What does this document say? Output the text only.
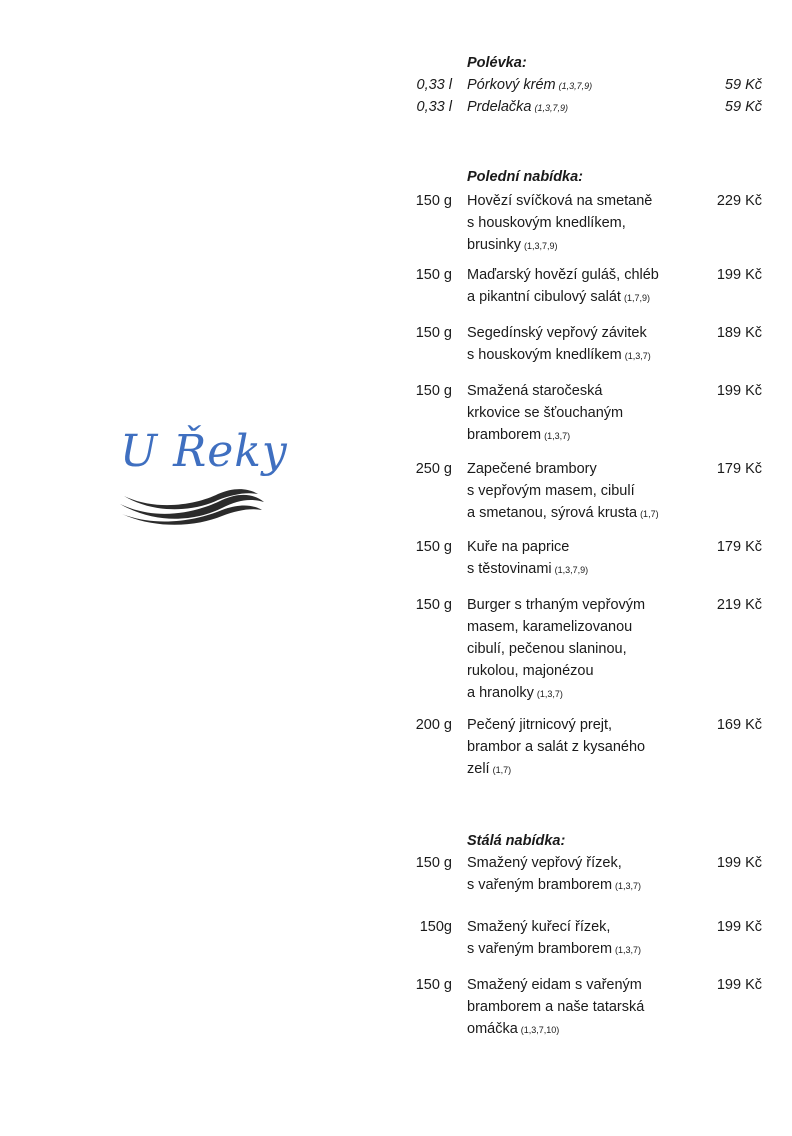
U Řeky
Polévka:
0,33 l Pórkový krém (1,3,7,9)	59 Kč
0,33 l Prdelačka (1,3,7,9)	59 Kč
Polední nabídka:
150 g Hovězí svíčková na smetaně
s houskovým knedlíkem,
brusinky (1,3,7,9)
229 Kč
150 g Maďarský hovězí guláš, chléb
a pikantní cibulový salát (1,7,9)
199 Kč
150 g Segedínský vepřový závitek
s houskovým knedlíkem (1,3,7)
189 Kč
150 g Smažená staročeská
krkovice se šťouchaným
bramborem (1,3,7)
199 Kč
250 g Zapečené brambory
s vepřovým masem, cibulí
a smetanou, sýrová krusta (1,7)
179 Kč
150 g Kuře na paprice
s těstovinami (1,3,7,9)
179 Kč
150 g Burger s trhaným vepřovým
masem, karamelizovanou
cibulí, pečenou slaninou,
rukolou, majonézou
a hranolky (1,3,7)
219 Kč
200 g Pečený jitrnicový prejt,
brambor a salát z kysaného
zelí (1,7)
169 Kč
Stálá nabídka:
150 g Smažený vepřový řízek,
s vařeným bramborem (1,3,7)
199 Kč
150g Smažený kuřecí řízek,
s vařeným bramborem (1,3,7)
199 Kč
150 g Smažený eidam s vařeným
bramborem a naše tatarská
omáčka (1,3,7,10)
199 Kč
